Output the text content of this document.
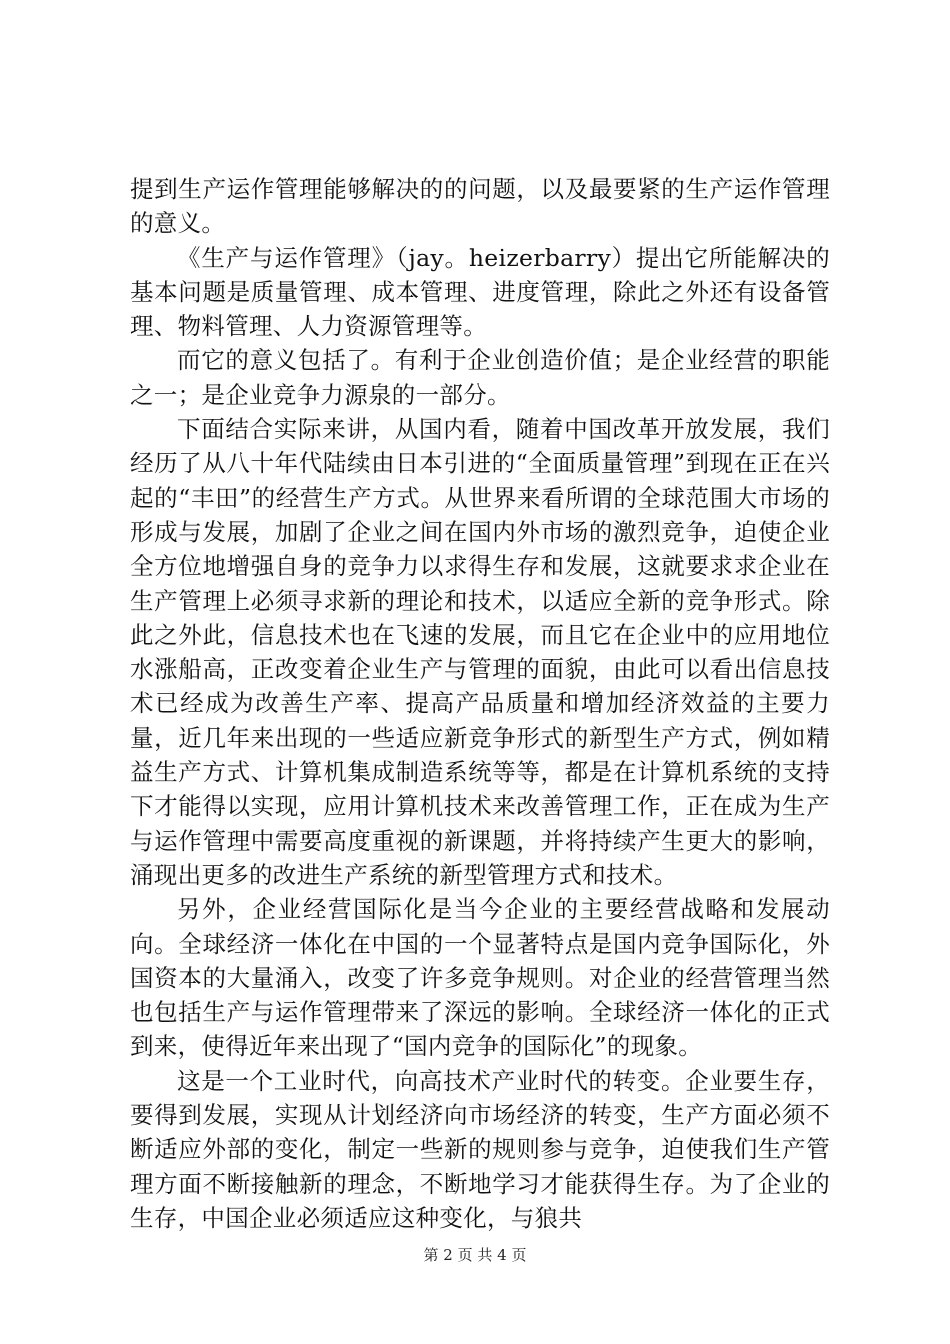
提到生产运作管理能够解决的的问题，以及最要紧的生产运作管理的意义。

《生产与运作管理》（jay。heizerbarry）提出它所能解决的基本问题是质量管理、成本管理、进度管理，除此之外还有设备管理、物料管理、人力资源管理等。

而它的意义包括了。有利于企业创造价值；是企业经营的职能之一；是企业竞争力源泉的一部分。

下面结合实际来讲，从国内看，随着中国改革开放发展，我们经历了从八十年代陆续由日本引进的“全面质量管理”到现在正在兴起的“丰田”的经营生产方式。从世界来看所谓的全球范围大市场的形成与发展，加剧了企业之间在国内外市场的激烈竞争，迫使企业全方位地增强自身的竞争力以求得生存和发展，这就要求求企业在生产管理上必须寻求新的理论和技术，以适应全新的竞争形式。除此之外此，信息技术也在飞速的发展，而且它在企业中的应用地位水涨船高，正改变着企业生产与管理的面貌，由此可以看出信息技术已经成为改善生产率、提高产品质量和增加经济效益的主要力量，近几年来出现的一些适应新竞争形式的新型生产方式，例如精益生产方式、计算机集成制造系统等等，都是在计算机系统的支持下才能得以实现，应用计算机技术来改善管理工作，正在成为生产与运作管理中需要高度重视的新课题，并将持续产生更大的影响，涌现出更多的改进生产系统的新型管理方式和技术。

另外，企业经营国际化是当今企业的主要经营战略和发展动向。全球经济一体化在中国的一个显著特点是国内竞争国际化，外国资本的大量涌入，改变了许多竞争规则。对企业的经营管理当然也包括生产与运作管理带来了深远的影响。全球经济一体化的正式到来，使得近年来出现了“国内竞争的国际化”的现象。

这是一个工业时代，向高技术产业时代的转变。企业要生存，要得到发展，实现从计划经济向市场经济的转变，生产方面必须不断适应外部的变化，制定一些新的规则参与竞争，迫使我们生产管理方面不断接触新的理念，不断地学习才能获得生存。为了企业的生存，中国企业必须适应这种变化，与狼共

第 2 页 共 4 页
